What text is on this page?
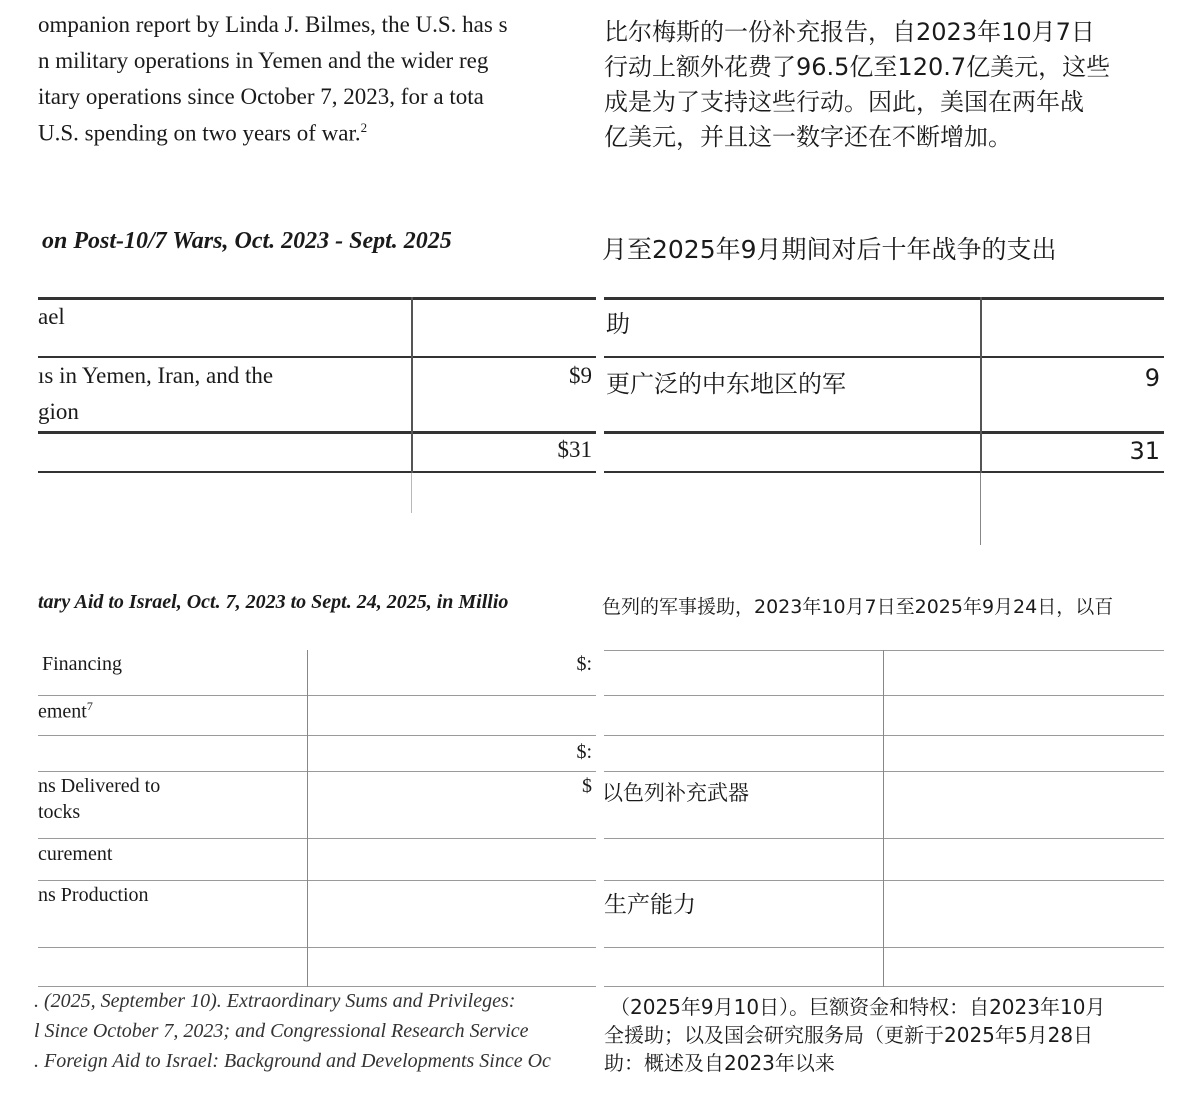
ompanion report by Linda J. Bilmes, the U.S. has s
n military operations in Yemen and the wider reg
itary operations since October 7, 2023, for a tota
U.S. spending on two years of war.$^2$
on Post-10/7 Wars, Oct. 2023 - Sept. 2025
ael
ıs in Yemen, Iran, and the
gion
$9
$31
tary Aid to Israel, Oct. 7, 2023 to Sept. 24, 2025, in Millio
Financing	$:
ement$^7$
$:
ns Delivered to
tocks
$
curement
ns Production
. (2025, September 10). Extraordinary Sums and Privileges:
l Since October 7, 2023; and Congressional Research Service
. Foreign Aid to Israel: Background and Developments Since Oc
比尔梅斯的一份补充报告，自2023年10月7日
行动上额外花费了96.5亿至120.7亿美元，这些
成是为了支持这些行动。因此，美国在两年战
亿美元，并且这一数字还在不断增加。
月至2025年9月期间对后十年战争的支出
助
更广泛的中东地区的军	9
31
色列的军事援助，2023年10月7日至2025年9月24日，以百
以色列补充武器
生产能力
（2025年9月10日）。巨额资金和特权：自2023年10月
全援助；以及国会研究服务局（更新于2025年5月28日
助：概述及自2023年以来
